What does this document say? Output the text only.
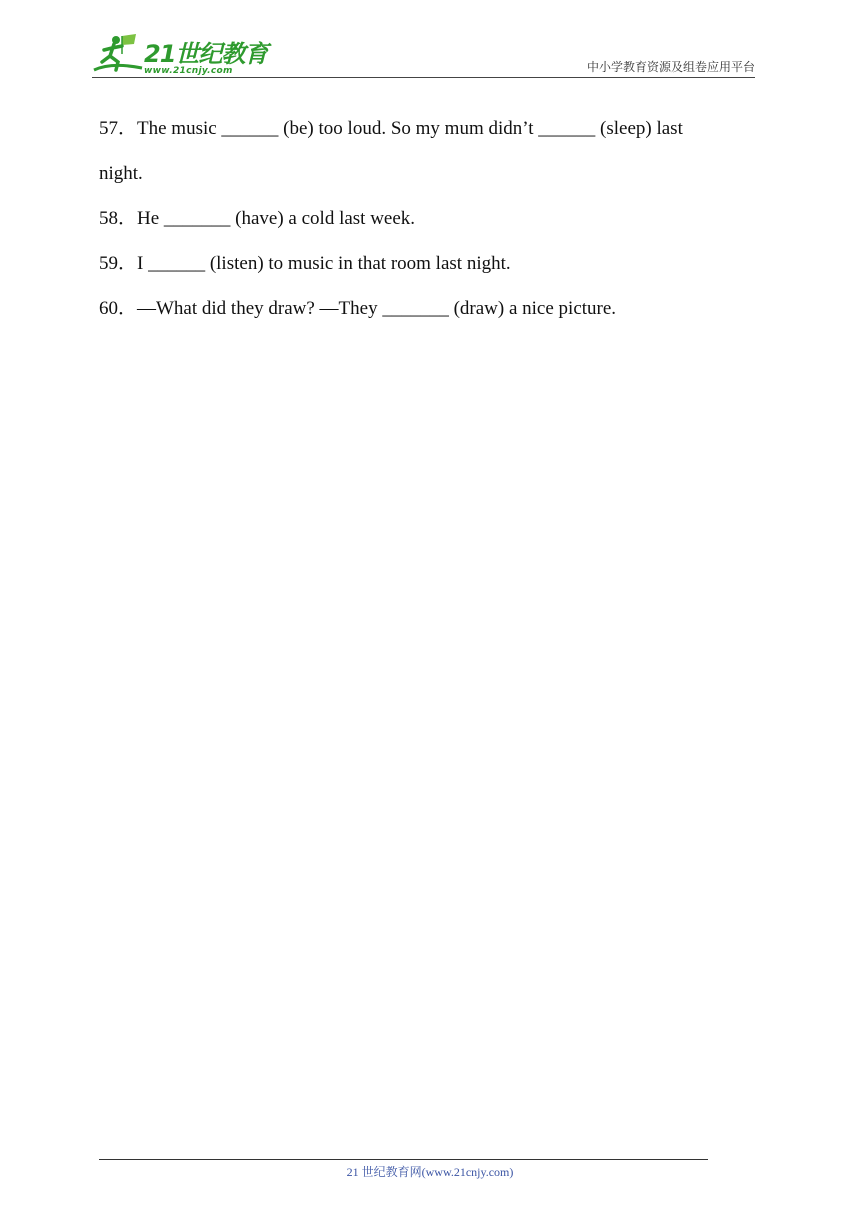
21世纪教育
www.21cnjy.com	中小学教育资源及组卷应用平台
57．The music ______ (be) too loud. So my mum didn’t ______ (sleep) last night.
58．He _______ (have) a cold last week.
59．I ______ (listen) to music in that room last night.
60．—What did they draw? —They _______ (draw) a nice picture.
21 世纪教育网(www.21cnjy.com)
